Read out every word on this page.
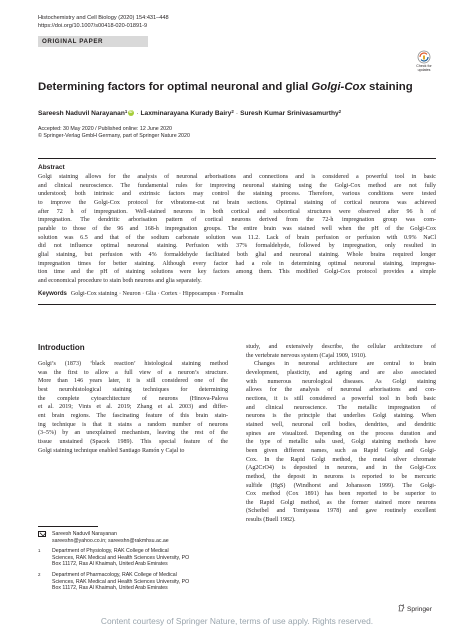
Histochemistry and Cell Biology (2020) 154:431–448
https://doi.org/10.1007/s00418-020-01891-9
ORIGINAL PAPER
Check for
updates
Determining factors for optimal neuronal and glial Golgi-Cox staining
Sareesh Naduvil Narayanan$^1$iD · Laxminarayana Kurady Bairy$^2$ · Suresh Kumar Srinivasamurthy$^2$
Accepted: 30 May 2020 / Published online: 12 June 2020
© Springer-Verlag GmbH Germany, part of Springer Nature 2020
Abstract
Golgi staining allows for the analysis of neuronal arborisations and connections and is considered a powerful tool in basic
and clinical neuroscience. The fundamental rules for improving neuronal staining using the Golgi-Cox method are not fully
understood; both intrinsic and extrinsic factors may control the staining process. Therefore, various conditions were tested
to improve the Golgi-Cox protocol for vibratome-cut rat brain sections. Optimal staining of cortical neurons was achieved
after 72 h of impregnation. Well-stained neurons in both cortical and subcortical structures were observed after 96 h of
impregnation. The dendritic arborisation pattern of cortical neurons derived from the 72-h impregnation group was com-
parable to those of the 96 and 168-h impregnation groups. The entire brain was stained well when the pH of the Golgi-Cox
solution was 6.5 and that of the sodium carbonate solution was 11.2. Lack of brain perfusion or perfusion with 0.9% NaCl
did not influence optimal neuronal staining. Perfusion with 37% formaldehyde, followed by impregnation, only resulted in
glial staining, but perfusion with 4% formaldehyde facilitated both glial and neuronal staining. Whole brains required longer
impregnation times for better staining. Although every factor had a role in determining optimal neuronal staining, impregna-
tion time and the pH of staining solutions were key factors among them. This modified Golgi-Cox protocol provides a simple
and economical procedure to stain both neurons and glia separately.
Keywords Golgi-Cox staining · Neuron · Glia · Cortex · Hippocampus · Formalin
Introduction
Golgi’s (1873) ‘black reaction’ histological staining method
was the first to allow a full view of a neuron’s structure.
More than 146 years later, it is still considered one of the
best neurohistological staining techniques for determining
the complete cytoarchitecture of neurons (Hinova-Palova
et al. 2019; Vints et al. 2019; Zhang et al. 2003) and differ-
ent brain regions. The fascinating feature of this brain stain-
ing technique is that it stains a random number of neurons
(3–5%) by an unexplained mechanism, leaving the rest of the
tissue unstained (Spacek 1989). This special feature of the
Golgi staining technique enabled Santiago Ramón y Cajal to
study, and extensively describe, the cellular architecture of
the vertebrate nervous system (Cajal 1909, 1910).
Changes in neuronal architecture are central to brain
development, plasticity, and ageing and are also associated
with numerous neurological diseases. As Golgi staining
allows for the analysis of neuronal arborisations and con-
nections, it is still considered a powerful tool in both basic
and clinical neuroscience. The metallic impregnation of
neurons is the principle that underlies Golgi staining. When
stained well, neuronal cell bodies, dendrites, and dendritic
spines are visualized. Depending on the process duration and
the type of metallic salts used, Golgi staining methods have
been given different names, such as Rapid Golgi and Golgi-
Cox. In the Rapid Golgi method, the metal silver chromate
(Ag2CrO4) is deposited in neurons, and in the Golgi-Cox
method, the deposit in neurons is reported to be mercuric
sulfide (HgS) (Windhorst and Johansson 1999). The Golgi-
Cox method (Cox 1891) has been reported to be superior to
the Rapid Golgi method, as the former stained more neurons
(Scheibel and Tomiyasua 1978) and gave routinely excellent
results (Buell 1982).
Sareesh Naduvil Narayanan
sareeshn@yahoo.co.in; sareeshn@rakmhsu.ac.ae
1 Department of Physiology, RAK College of Medical
Sciences, RAK Medical and Health Sciences University, PO
Box 11172, Ras Al Khaimah, United Arab Emirates
2 Department of Pharmacology, RAK College of Medical
Sciences, RAK Medical and Health Sciences University, PO
Box 11172, Ras Al Khaimah, United Arab Emirates
Springer
Content courtesy of Springer Nature, terms of use apply. Rights reserved.
